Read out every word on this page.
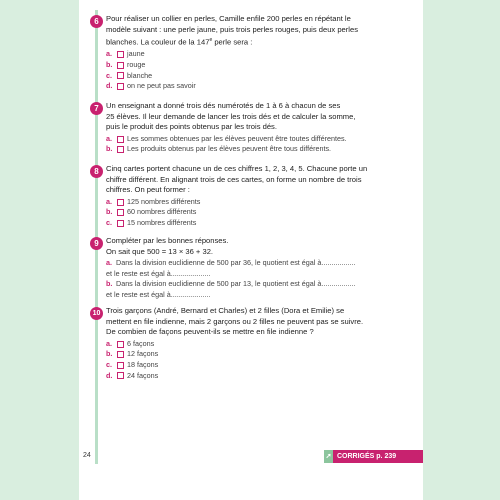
6 Pour réaliser un collier en perles, Camille enfile 200 perles en répétant le
modèle suivant : une perle jaune, puis trois perles rouges, puis deux perles
blanches. La couleur de la 147e perle sera :
a.	jaune
b.	rouge
c.	blanche
d.	on ne peut pas savoir
7 Un enseignant a donné trois dés numérotés de 1 à 6 à chacun de ses
25 élèves. Il leur demande de lancer les trois dés et de calculer la somme,
puis le produit des points obtenus par les trois dés.
a.	Les sommes obtenues par les élèves peuvent être toutes différentes.
b.	Les produits obtenus par les élèves peuvent être tous différents.
8 Cinq cartes portent chacune un de ces chiffres 1, 2, 3, 4, 5. Chacune porte un
chiffre différent. En alignant trois de ces cartes, on forme un nombre de trois
chiffres. On peut former :
a.	125 nombres différents
b.	60 nombres différents
c.	15 nombres différents
9 Compléter par les bonnes réponses.
On sait que 500 = 13 × 36 + 32.
a. Dans la division euclidienne de 500 par 36, le quotient est égal à.................
et le reste est égal à....................
b. Dans la division euclidienne de 500 par 13, le quotient est égal à.................
et le reste est égal à....................
10 Trois garçons (André, Bernard et Charles) et 2 filles (Dora et Emilie) se
mettent en file indienne, mais 2 garçons ou 2 filles ne peuvent pas se suivre.
De combien de façons peuvent-ils se mettre en file indienne ?
a.	6 façons
b.	12 façons
c.	18 façons
d.	24 façons
24	➚ CORRIGÉS p. 239
